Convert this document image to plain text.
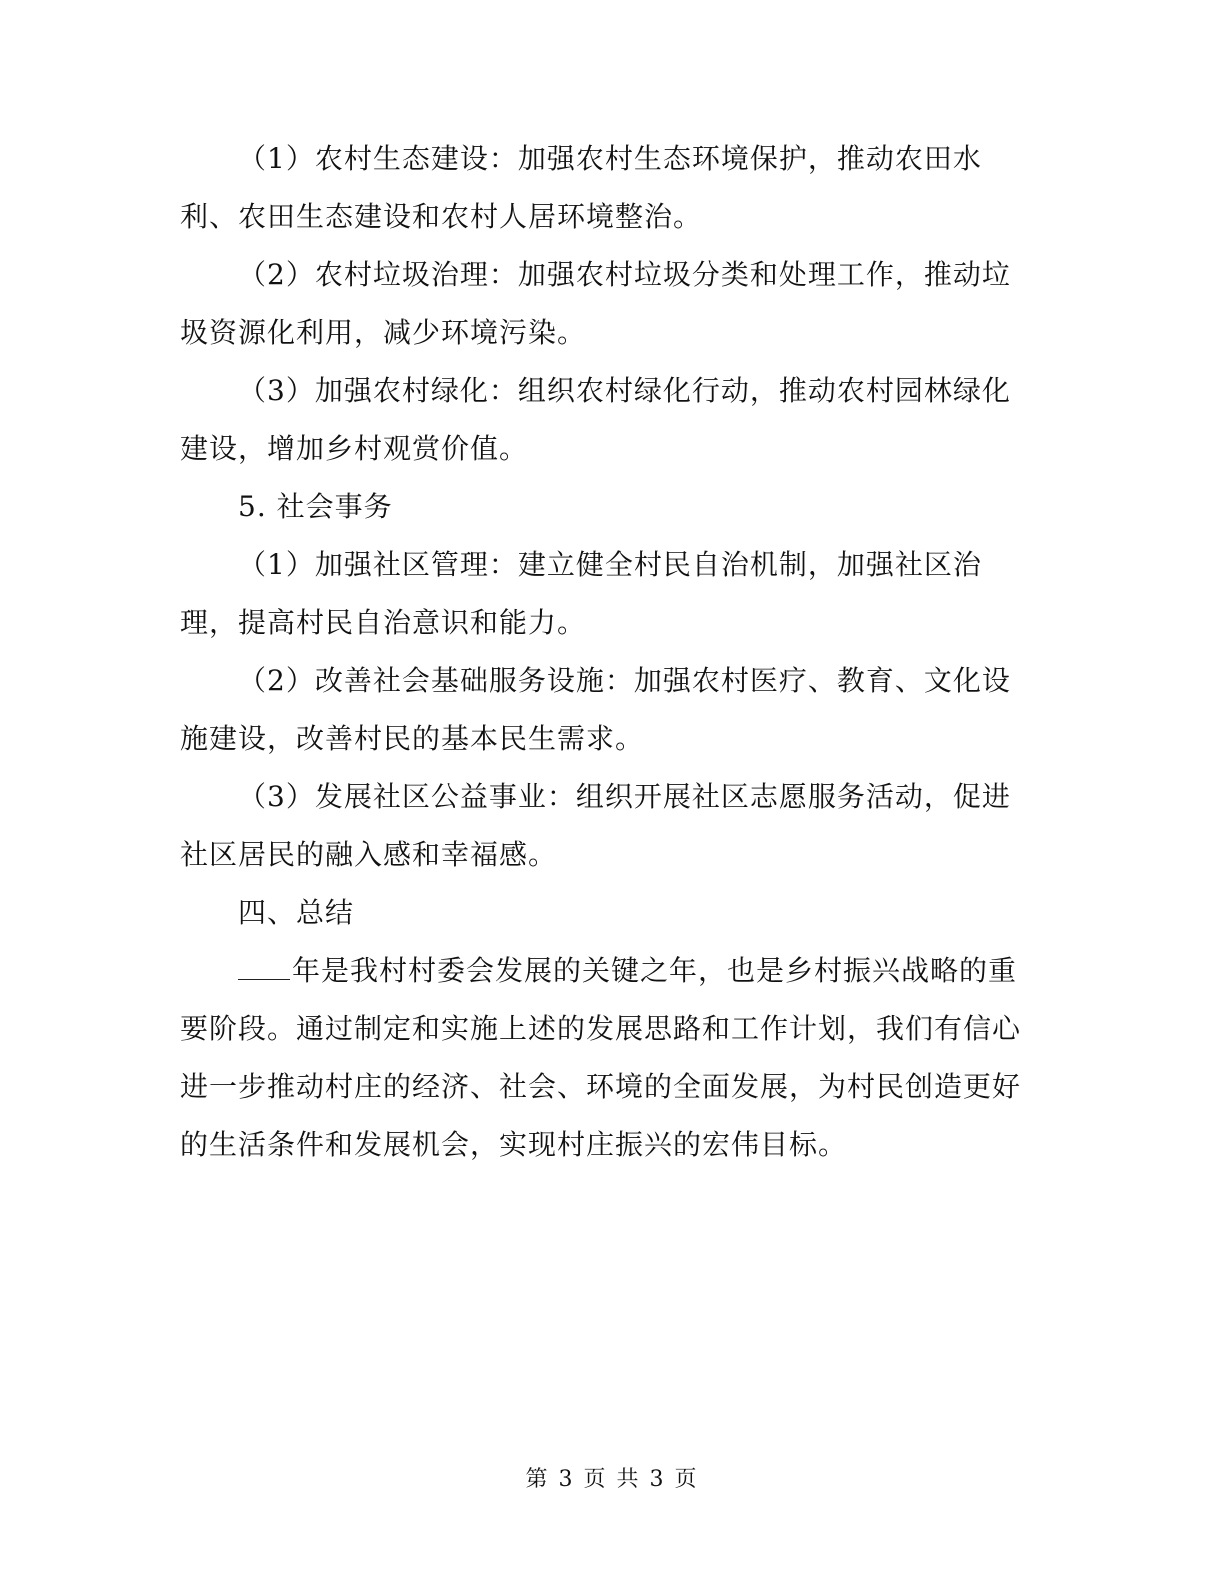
（1）农村生态建设：加强农村生态环境保护，推动农田水利、农田生态建设和农村人居环境整治。

（2）农村垃圾治理：加强农村垃圾分类和处理工作，推动垃圾资源化利用，减少环境污染。

（3）加强农村绿化：组织农村绿化行动，推动农村园林绿化建设，增加乡村观赏价值。

5. 社会事务

（1）加强社区管理：建立健全村民自治机制，加强社区治理，提高村民自治意识和能力。

（2）改善社会基础服务设施：加强农村医疗、教育、文化设施建设，改善村民的基本民生需求。

（3）发展社区公益事业：组织开展社区志愿服务活动，促进社区居民的融入感和幸福感。

四、总结

年是我村村委会发展的关键之年，也是乡村振兴战略的重要阶段。通过制定和实施上述的发展思路和工作计划，我们有信心进一步推动村庄的经济、社会、环境的全面发展，为村民创造更好的生活条件和发展机会，实现村庄振兴的宏伟目标。

第 3 页 共 3 页
